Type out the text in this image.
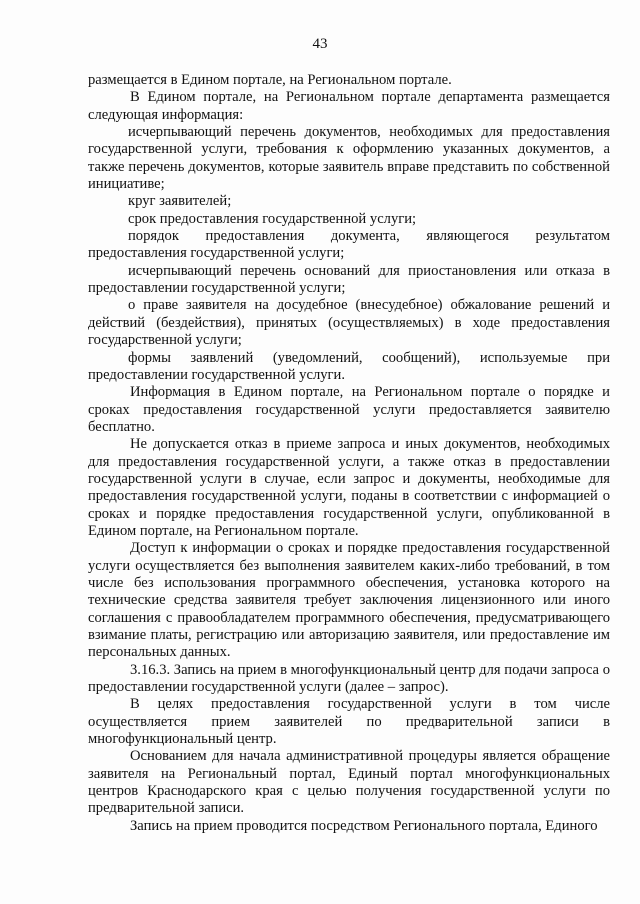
43

размещается в Едином портале, на Региональном портале.

В Едином портале, на Региональном портале департамента размещается следующая информация:

исчерпывающий перечень документов, необходимых для предоставления государственной услуги, требования к оформлению указанных документов, а также перечень документов, которые заявитель вправе представить по собственной инициативе;

круг заявителей;

срок предоставления государственной услуги;

порядок предоставления документа, являющегося результатом предоставления государственной услуги;

исчерпывающий перечень оснований для приостановления или отказа в предоставлении государственной услуги;

о праве заявителя на досудебное (внесудебное) обжалование решений и действий (бездействия), принятых (осуществляемых) в ходе предоставления государственной услуги;

формы заявлений (уведомлений, сообщений), используемые при предоставлении государственной услуги.

Информация в Едином портале, на Региональном портале о порядке и сроках предоставления государственной услуги предоставляется заявителю бесплатно.

Не допускается отказ в приеме запроса и иных документов, необходимых для предоставления государственной услуги, а также отказ в предоставлении государственной услуги в случае, если запрос и документы, необходимые для предоставления государственной услуги, поданы в соответствии с информацией о сроках и порядке предоставления государственной услуги, опубликованной в Едином портале, на Региональном портале.

Доступ к информации о сроках и порядке предоставления государственной услуги осуществляется без выполнения заявителем каких-либо требований, в том числе без использования программного обеспечения, установка которого на технические средства заявителя требует заключения лицензионного или иного соглашения с правообладателем программного обеспечения, предусматривающего взимание платы, регистрацию или авторизацию заявителя, или предоставление им персональных данных.

3.16.3. Запись на прием в многофункциональный центр для подачи запроса о предоставлении государственной услуги (далее – запрос).

В целях предоставления государственной услуги в том числе осуществляется прием заявителей по предварительной записи в многофункциональный центр.

Основанием для начала административной процедуры является обращение заявителя на Региональный портал, Единый портал многофункциональных центров Краснодарского края с целью получения государственной услуги по предварительной записи.

Запись на прием проводится посредством Регионального портала, Единого
